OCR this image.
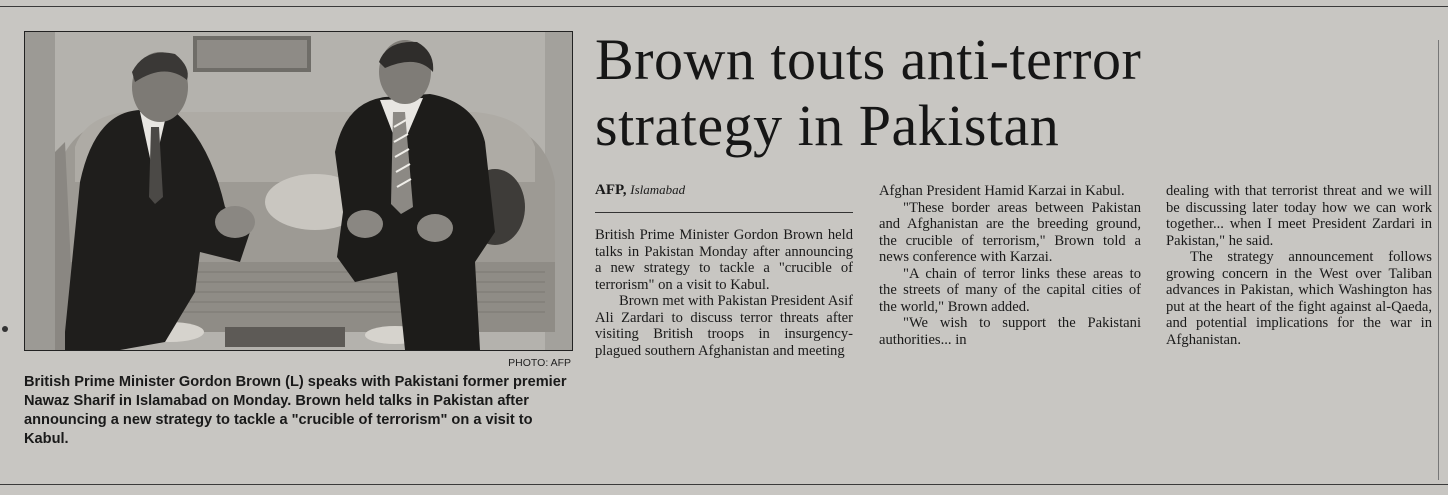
PHOTO: AFP
British Prime Minister Gordon Brown (L) speaks with Pakistani former premier Nawaz Sharif in Islamabad on Monday. Brown held talks in Pakistan after announcing a new strategy to tackle a "crucible of terrorism" on a visit to Kabul.
Brown touts anti-terror
strategy in Pakistan
AFP, Islamabad

British Prime Minister Gordon Brown held talks in Pakistan Monday after announcing a new strategy to tackle a "crucible of terrorism" on a visit to Kabul.

Brown met with Pakistan President Asif Ali Zardari to discuss terror threats after visiting British troops in insurgency-plagued southern Afghanistan and meeting

Afghan President Hamid Karzai in Kabul.

"These border areas between Pakistan and Afghanistan are the breeding ground, the crucible of terrorism," Brown told a news conference with Karzai.

"A chain of terror links these areas to the streets of many of the capital cities of the world," Brown added.

"We wish to support the Pakistani authorities... in

dealing with that terrorist threat and we will be discussing later today how we can work together... when I meet President Zardari in Pakistan," he said.

The strategy announcement follows growing concern in the West over Taliban advances in Pakistan, which Washington has put at the heart of the fight against al-Qaeda, and potential implications for the war in Afghanistan.
